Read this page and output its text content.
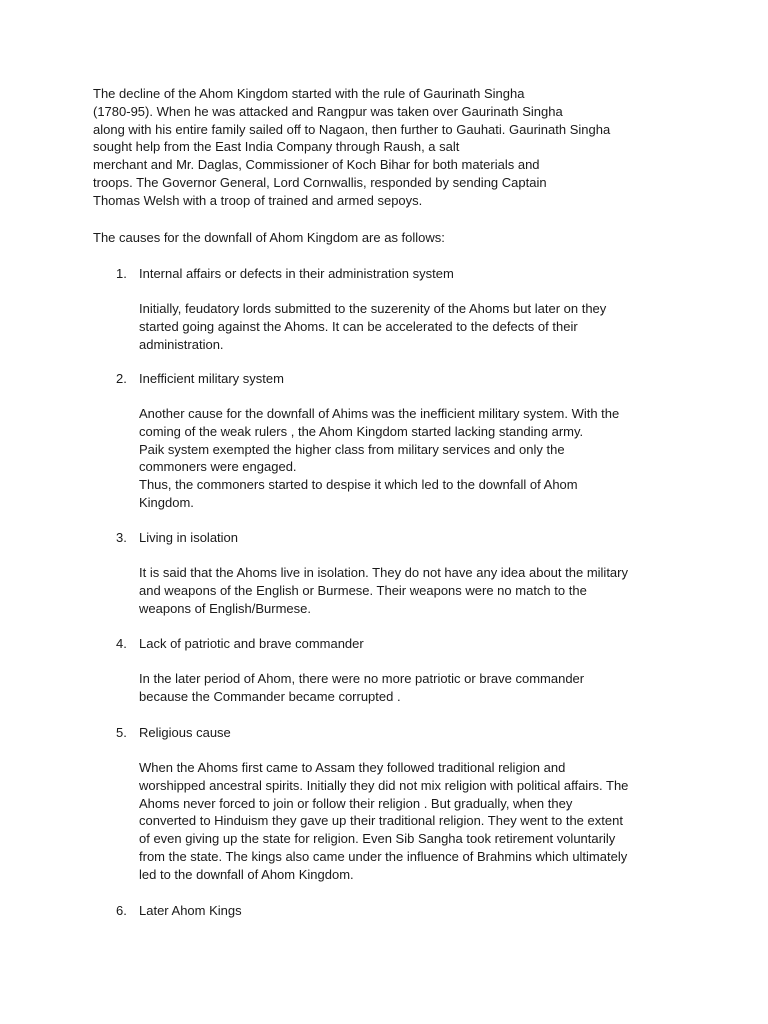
The decline of the Ahom Kingdom started with the rule of Gaurinath Singha
(1780-95). When he was attacked and Rangpur was taken over Gaurinath Singha
along with his entire family sailed off to Nagaon, then further to Gauhati. Gaurinath Singha
sought help from the East India Company through Raush, a salt
merchant and Mr. Daglas, Commissioner of Koch Bihar for both materials and
troops. The Governor General, Lord Cornwallis, responded by sending Captain
Thomas Welsh with a troop of trained and armed sepoys.
The causes for the downfall of Ahom Kingdom are as follows:
1. Internal affairs or defects in their administration system
Initially, feudatory lords submitted to the suzerenity of the Ahoms but later on they
started going against the Ahoms. It can be accelerated to the defects of their
administration.
2. Inefficient military system
Another cause for the downfall of Ahims was the inefficient military system. With the
coming of the weak rulers , the Ahom Kingdom started lacking standing army.
Paik system exempted the higher class from military services and only the
commoners were engaged.
Thus, the commoners started to despise it which led to the downfall of Ahom
Kingdom.
3. Living in isolation
It is said that the Ahoms live in isolation. They do not have any idea about the military
and weapons of the English or Burmese. Their weapons were no match to the
weapons of English/Burmese.
4. Lack of patriotic and brave commander
In the later period of Ahom, there were no more patriotic or brave commander
because the Commander became corrupted .
5. Religious cause
When the Ahoms first came to Assam they followed traditional religion and
worshipped ancestral spirits. Initially they did not mix religion with political affairs. The
Ahoms never forced to join or follow their religion . But gradually, when they
converted to Hinduism they gave up their traditional religion. They went to the extent
of even giving up the state for religion. Even Sib Sangha took retirement voluntarily
from the state. The kings also came under the influence of Brahmins which ultimately
led to the downfall of Ahom Kingdom.
6. Later Ahom Kings
